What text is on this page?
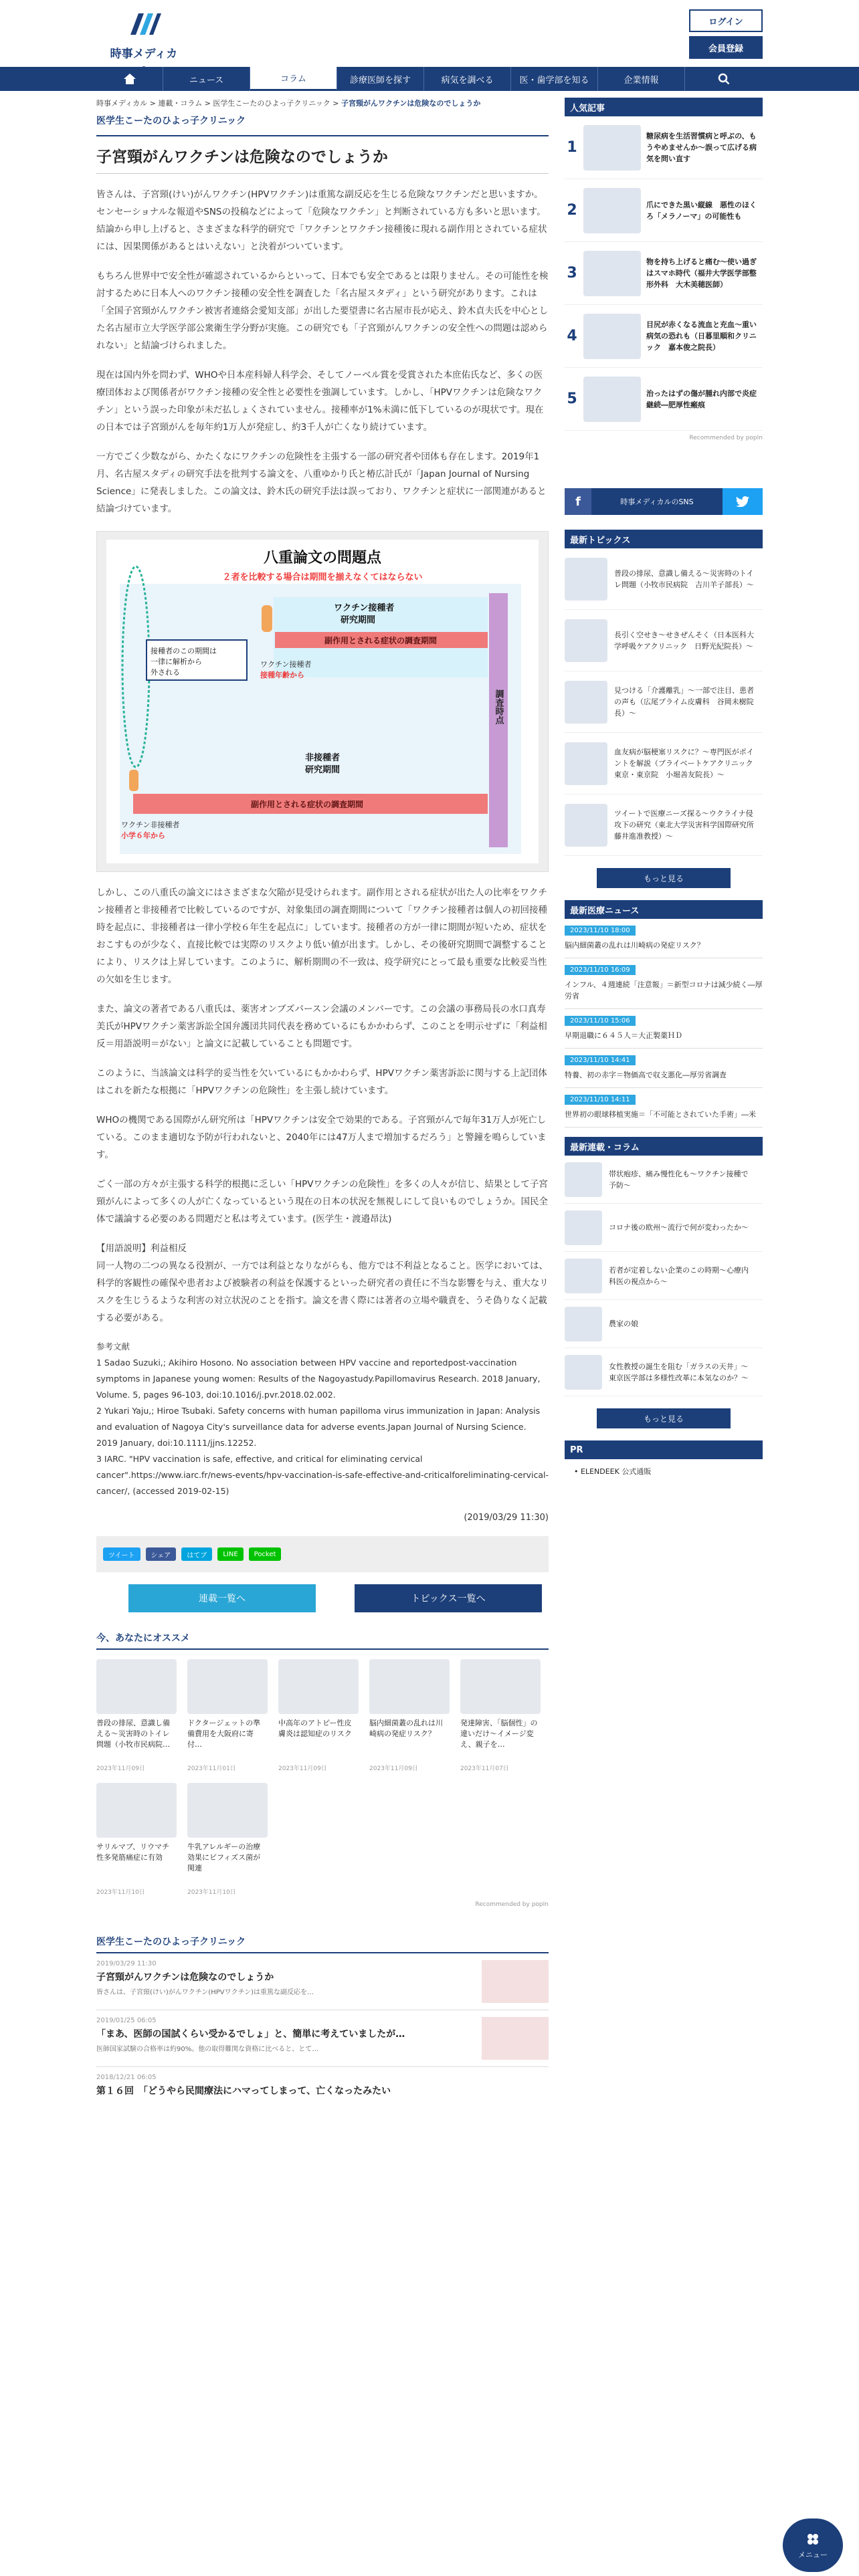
時事メディカ
ログイン
会員登録
ニュース	コラム	診療医師を探す	病気を調べる	医・歯学部を知る	企業情報
時事メディカル > 連載・コラム > 医学生こーたのひよっ子クリニック > 子宮頸がんワクチンは危険なのでしょうか
医学生こーたのひよっ子クリニック
子宮頸がんワクチンは危険なのでしょうか

皆さんは、子宮頸(けい)がんワクチン(HPVワクチン)は重篤な副反応を生じる危険なワクチンだと思いますか。センセーショナルな報道やSNSの投稿などによって「危険なワクチン」と判断されている方も多いと思います。結論から申し上げると、さまざまな科学的研究で「ワクチンとワクチン接種後に現れる副作用とされている症状には、因果関係があるとはいえない」と決着がついています。

もちろん世界中で安全性が確認されているからといって、日本でも安全であるとは限りません。その可能性を検討するために日本人へのワクチン接種の安全性を調査した「名古屋スタディ」という研究があります。これは「全国子宮頸がんワクチン被害者連絡会愛知支部」が出した要望書に名古屋市長が応え、鈴木貞夫氏を中心とした名古屋市立大学医学部公衆衛生学分野が実施。この研究でも「子宮頸がんワクチンの安全性への問題は認められない」と結論づけられました。

現在は国内外を問わず、WHOや日本産科婦人科学会、そしてノーベル賞を受賞された本庶佑氏など、多くの医療団体および関係者がワクチン接種の安全性と必要性を強調しています。しかし、「HPVワクチンは危険なワクチン」という誤った印象が未だ払しょくされていません。接種率が1%未満に低下しているのが現状です。現在の日本では子宮頸がんを毎年約1万人が発症し、約3千人が亡くなり続けています。

一方でごく少数ながら、かたくなにワクチンの危険性を主張する一部の研究者や団体も存在します。2019年1月、名古屋スタディの研究手法を批判する論文を、八重ゆかり氏と椿広計氏が「Japan Journal of Nursing Science」に発表しました。この論文は、鈴木氏の研究手法は誤っており、ワクチンと症状に一部関連があると結論づけています。

八重論文の問題点
２者を比較する場合は期間を揃えなくてはならない
調査時点
ワクチン接種者
研究期間
副作用とされる症状の調査期間
ワクチン接種者
接種年齢から
接種者のこの期間は
一律に解析から
外される
非接種者
研究期間
副作用とされる症状の調査期間
ワクチン非接種者
小学６年から

しかし、この八重氏の論文にはさまざまな欠陥が見受けられます。副作用とされる症状が出た人の比率をワクチン接種者と非接種者で比較しているのですが、対象集団の調査期間について「ワクチン接種者は個人の初回接種時を起点に、非接種者は一律小学校６年生を起点に」しています。接種者の方が一律に期間が短いため、症状をおこすものが少なく、直接比較では実際のリスクより低い値が出ます。しかし、その後研究期間で調整することにより、リスクは上昇しています。このように、解析期間の不一致は、疫学研究にとって最も重要な比較妥当性の欠如を生じます。

また、論文の著者である八重氏は、薬害オンブズパースン会議のメンバーです。この会議の事務局長の水口真寿美氏がHPVワクチン薬害訴訟全国弁護団共同代表を務めているにもかかわらず、このことを明示せずに「利益相反＝用語説明＝がない」と論文に記載していることも問題です。

このように、当該論文は科学的妥当性を欠いているにもかかわらず、HPVワクチン薬害訴訟に関与する上記団体はこれを新たな根拠に「HPVワクチンの危険性」を主張し続けています。

WHOの機関である国際がん研究所は「HPVワクチンは安全で効果的である。子宮頸がんで毎年31万人が死亡している。このまま適切な予防が行われないと、2040年には47万人まで増加するだろう」と警鐘を鳴らしています。

ごく一部の方々が主張する科学的根拠に乏しい「HPVワクチンの危険性」を多くの人々が信じ、結果として子宮頸がんによって多くの人が亡くなっているという現在の日本の状況を無視しにして良いものでしょうか。国民全体で議論する必要のある問題だと私は考えています。(医学生・渡邉昂汰)

【用語説明】利益相反
同一人物の二つの異なる役割が、一方では利益となりながらも、他方では不利益となること。医学においては、科学的客観性の確保や患者および被験者の利益を保護するといった研究者の責任に不当な影響を与え、重大なリスクを生じうるような利害の対立状況のことを指す。論文を書く際には著者の立場や職責を、うそ偽りなく記載する必要がある。

参考文献
1 Sadao Suzuki,; Akihiro Hosono. No association between HPV vaccine and reportedpost-vaccination symptoms in Japanese young women: Results of the Nagoyastudy.Papillomavirus Research. 2018 January, Volume. 5, pages 96-103, doi:10.1016/j.pvr.2018.02.002.
2 Yukari Yaju,; Hiroe Tsubaki. Safety concerns with human papilloma virus immunization in Japan: Analysis and evaluation of Nagoya City's surveillance data for adverse events.Japan Journal of Nursing Science. 2019 January, doi:10.1111/jjns.12252.
3 IARC. "HPV vaccination is safe, effective, and critical for eliminating cervical cancer".https://www.iarc.fr/news-events/hpv-vaccination-is-safe-effective-and-criticalforeliminating-cervical-cancer/, (accessed 2019-02-15)

(2019/03/29 11:30)
ツイート	シェア	はてブ	LINE	Pocket
連載一覧へ	トピックス一覧へ
今、あなたにオススメ
普段の排尿、意識し備える〜災害時のトイレ問題（小牧市民病院…
2023年11月09日
ドクタージェットの準備費用を大阪府に寄付…
2023年11月01日
中高年のアトピー性皮膚炎は認知症のリスク
2023年11月09日
脳内細菌叢の乱れは川崎病の発症リスク？
2023年11月09日
発達障害、「脳個性」の違いだけ～イメージ変え、親子を…
2023年11月07日
サリルマブ、リウマチ性多発筋痛症に有効
2023年11月10日
牛乳アレルギーの治療効果にビフィズス菌が関連
2023年11月10日
Recommended by popIn
医学生こーたのひよっ子クリニック
2019/03/29 11:30
子宮頸がんワクチンは危険なのでしょうか
皆さんは、子宮頸(けい)がんワクチン(HPVワクチン)は重篤な副反応を…
2019/01/25 06:05
「まあ、医師の国試くらい受かるでしょ」と、簡単に考えていましたが…
医師国家試験の合格率は約90%。他の取得難関な資格に比べると、とて…
2018/12/21 06:05
第１６回　「どうやら民間療法にハマってしまって、亡くなったみたい
人気記事
1
糖尿病を生活習慣病と呼ぶの、もうやめませんか～誤って広げる病気を問い直す
2	爪にできた黒い縦線　悪性のほくろ「メラノーマ」の可能性も
3
物を持ち上げると痛む～使い過ぎはスマホ時代（福井大学医学部整形外科　大木美穂医師）
4
目尻が赤くなる流血と充血～重い病気の恐れも（日暮里順和クリニック　嘉本俊之院長）
5	治ったはずの傷が腫れ内部で炎症継続―肥厚性瘢痕
Recommended by popIn
f	時事メディカルのSNS
最新トピックス
普段の排尿、意識し備える～災害時のトイレ問題（小牧市民病院　吉川羊子部長）～
長引く空せき～せきぜんそく（日本医科大学呼吸ケアクリニック　日野光紀院長）～
見つける「介護離乳」～一部で注目、患者の声も（広尾プライム皮膚科　谷岡未樹院長）～
血友病が脳梗塞リスクに？～専門医がポイントを解説（ブライベートケアクリニック東京・東京院　小堀善友院長）～
ツイートで医療ニーズ探る～ウクライナ侵攻下の研究（東北大学災害科学国際研究所　藤井進准教授）～
もっと見る
最新医療ニュース
2023/11/10 18:00
脳内細菌叢の乱れは川崎病の発症リスク？
2023/11/10 16:09
インフル、４週連続「注意報」＝新型コロナは減少続く―厚労省
2023/11/10 15:06
早期退職に６４５人＝大正製薬ＨＤ
2023/11/10 14:41
特養、初の赤字＝物価高で収支悪化―厚労省調査
2023/11/10 14:11
世界初の眼球移植実施＝「不可能とされていた手術」―米
最新連載・コラム
帯状疱疹、痛み慢性化も～ワクチン接種で予防～
コロナ後の欧州～流行で何が変わったか～
若者が定着しない企業のこの時期～心療内科医の視点から～
農家の娘
女性教授の誕生を阻む「ガラスの天井」～東京医学部は多様性改革に本気なのか？～
もっと見る
PR
• ELENDEEK 公式通販
メニュー
